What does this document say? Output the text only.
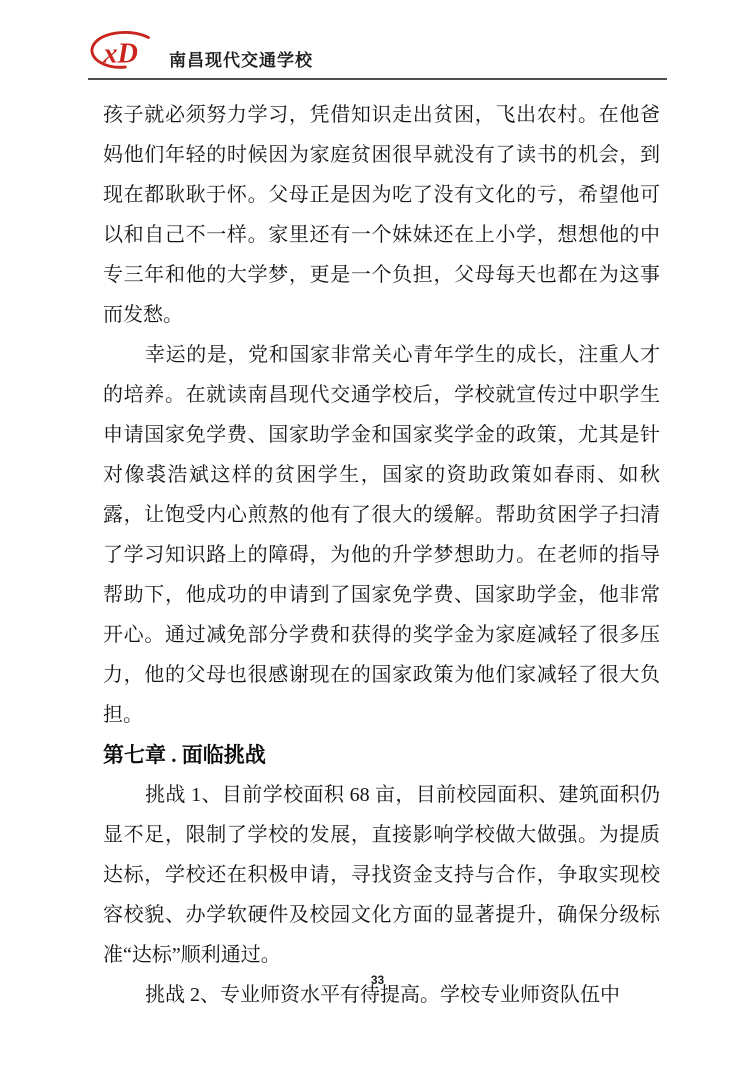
xD 南昌现代交通学校

孩子就必须努力学习，凭借知识走出贫困，飞出农村。在他爸妈他们年轻的时候因为家庭贫困很早就没有了读书的机会，到现在都耿耿于怀。父母正是因为吃了没有文化的亏，希望他可以和自己不一样。家里还有一个妹妹还在上小学，想想他的中专三年和他的大学梦，更是一个负担，父母每天也都在为这事而发愁。

幸运的是，党和国家非常关心青年学生的成长，注重人才的培养。在就读南昌现代交通学校后，学校就宣传过中职学生申请国家免学费、国家助学金和国家奖学金的政策，尤其是针对像裘浩斌这样的贫困学生，国家的资助政策如春雨、如秋露，让饱受内心煎熬的他有了很大的缓解。帮助贫困学子扫清了学习知识路上的障碍，为他的升学梦想助力。在老师的指导帮助下，他成功的申请到了国家免学费、国家助学金，他非常开心。通过减免部分学费和获得的奖学金为家庭减轻了很多压力，他的父母也很感谢现在的国家政策为他们家减轻了很大负担。

第七章 . 面临挑战

挑战 1、目前学校面积 68 亩，目前校园面积、建筑面积仍显不足，限制了学校的发展，直接影响学校做大做强。为提质达标，学校还在积极申请，寻找资金支持与合作，争取实现校容校貌、办学软硬件及校园文化方面的显著提升，确保分级标准“达标”顺利通过。

挑战 2、专业师资水平有待提高。学校专业师资队伍中

33
